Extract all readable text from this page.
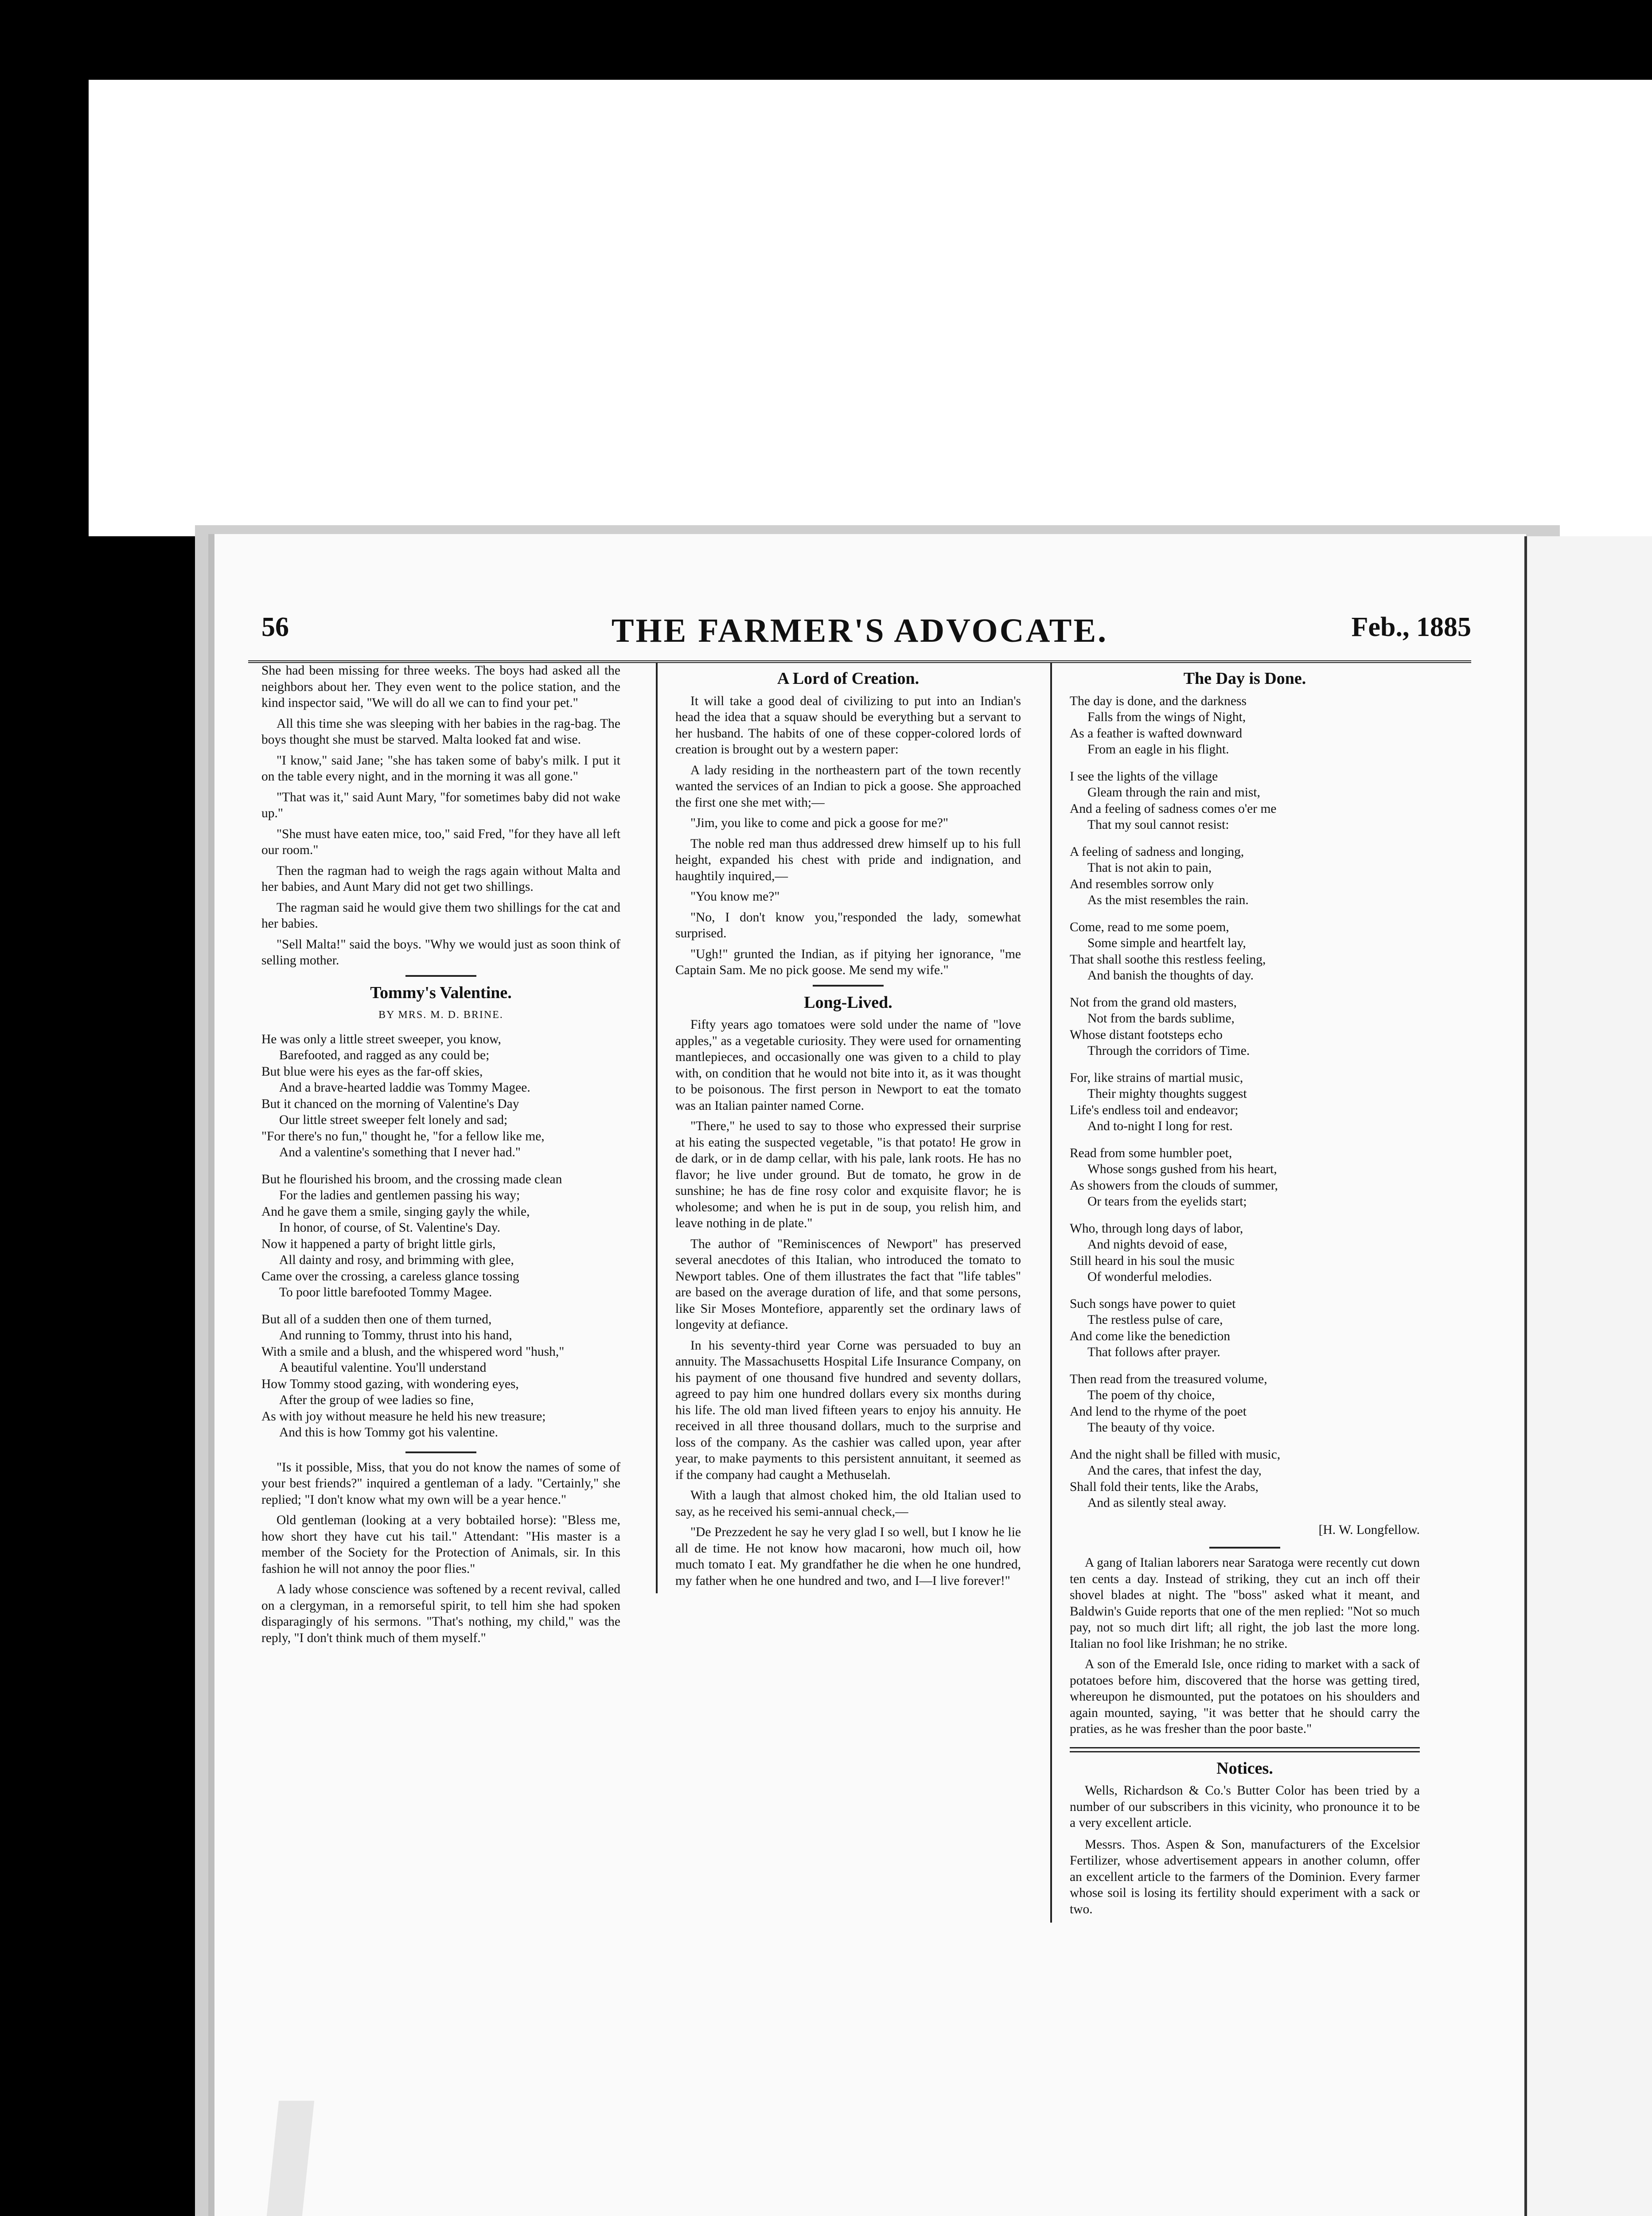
56	THE FARMER'S ADVOCATE.	Feb., 1885

She had been missing for three weeks. The boys had asked all the neighbors about her. They even went to the police station, and the kind inspector said, "We will do all we can to find your pet."

All this time she was sleeping with her babies in the rag-bag. The boys thought she must be starved. Malta looked fat and wise.

"I know," said Jane; "she has taken some of baby's milk. I put it on the table every night, and in the morning it was all gone."

"That was it," said Aunt Mary, "for sometimes baby did not wake up."

"She must have eaten mice, too," said Fred, "for they have all left our room."

Then the ragman had to weigh the rags again without Malta and her babies, and Aunt Mary did not get two shillings.

The ragman said he would give them two shillings for the cat and her babies.

"Sell Malta!" said the boys. "Why we would just as soon think of selling mother.

Tommy's Valentine.
BY MRS. M. D. BRINE.
He was only a little street sweeper, you know,
Barefooted, and ragged as any could be;
But blue were his eyes as the far-off skies,
And a brave-hearted laddie was Tommy Magee.
But it chanced on the morning of Valentine's Day
Our little street sweeper felt lonely and sad;
"For there's no fun," thought he, "for a fellow like me,
And a valentine's something that I never had."
But he flourished his broom, and the crossing made clean
For the ladies and gentlemen passing his way;
And he gave them a smile, singing gayly the while,
In honor, of course, of St. Valentine's Day.
Now it happened a party of bright little girls,
All dainty and rosy, and brimming with glee,
Came over the crossing, a careless glance tossing
To poor little barefooted Tommy Magee.
But all of a sudden then one of them turned,
And running to Tommy, thrust into his hand,
With a smile and a blush, and the whispered word "hush,"
A beautiful valentine. You'll understand
How Tommy stood gazing, with wondering eyes,
After the group of wee ladies so fine,
As with joy without measure he held his new treasure;
And this is how Tommy got his valentine.

"Is it possible, Miss, that you do not know the names of some of your best friends?" inquired a gentleman of a lady. "Certainly," she replied; "I don't know what my own will be a year hence."

Old gentleman (looking at a very bobtailed horse): "Bless me, how short they have cut his tail." Attendant: "His master is a member of the Society for the Protection of Animals, sir. In this fashion he will not annoy the poor flies."

A lady whose conscience was softened by a recent revival, called on a clergyman, in a remorseful spirit, to tell him she had spoken disparagingly of his sermons. "That's nothing, my child," was the reply, "I don't think much of them myself."

A Lord of Creation.

It will take a good deal of civilizing to put into an Indian's head the idea that a squaw should be everything but a servant to her husband. The habits of one of these copper-colored lords of creation is brought out by a western paper:

A lady residing in the northeastern part of the town recently wanted the services of an Indian to pick a goose. She approached the first one she met with;—

"Jim, you like to come and pick a goose for me?"

The noble red man thus addressed drew himself up to his full height, expanded his chest with pride and indignation, and haughtily inquired,—

"You know me?"

"No, I don't know you,"responded the lady, somewhat surprised.

"Ugh!" grunted the Indian, as if pitying her ignorance, "me Captain Sam. Me no pick goose. Me send my wife."

Long-Lived.

Fifty years ago tomatoes were sold under the name of "love apples," as a vegetable curiosity. They were used for ornamenting mantlepieces, and occasionally one was given to a child to play with, on condition that he would not bite into it, as it was thought to be poisonous. The first person in Newport to eat the tomato was an Italian painter named Corne.

"There," he used to say to those who expressed their surprise at his eating the suspected vegetable, "is that potato! He grow in de dark, or in de damp cellar, with his pale, lank roots. He has no flavor; he live under ground. But de tomato, he grow in de sunshine; he has de fine rosy color and exquisite flavor; he is wholesome; and when he is put in de soup, you relish him, and leave nothing in de plate."

The author of "Reminiscences of Newport" has preserved several anecdotes of this Italian, who introduced the tomato to Newport tables. One of them illustrates the fact that "life tables" are based on the average duration of life, and that some persons, like Sir Moses Montefiore, apparently set the ordinary laws of longevity at defiance.

In his seventy-third year Corne was persuaded to buy an annuity. The Massachusetts Hospital Life Insurance Company, on his payment of one thousand five hundred and seventy dollars, agreed to pay him one hundred dollars every six months during his life. The old man lived fifteen years to enjoy his annuity. He received in all three thousand dollars, much to the surprise and loss of the company. As the cashier was called upon, year after year, to make payments to this persistent annuitant, it seemed as if the company had caught a Methuselah.

With a laugh that almost choked him, the old Italian used to say, as he received his semi-annual check,—

"De Prezzedent he say he very glad I so well, but I know he lie all de time. He not know how macaroni, how much oil, how much tomato I eat. My grandfather he die when he one hundred, my father when he one hundred and two, and I—I live forever!"

The Day is Done.
The day is done, and the darkness
Falls from the wings of Night,
As a feather is wafted downward
From an eagle in his flight.
I see the lights of the village
Gleam through the rain and mist,
And a feeling of sadness comes o'er me
That my soul cannot resist:
A feeling of sadness and longing,
That is not akin to pain,
And resembles sorrow only
As the mist resembles the rain.
Come, read to me some poem,
Some simple and heartfelt lay,
That shall soothe this restless feeling,
And banish the thoughts of day.
Not from the grand old masters,
Not from the bards sublime,
Whose distant footsteps echo
Through the corridors of Time.
For, like strains of martial music,
Their mighty thoughts suggest
Life's endless toil and endeavor;
And to-night I long for rest.
Read from some humbler poet,
Whose songs gushed from his heart,
As showers from the clouds of summer,
Or tears from the eyelids start;
Who, through long days of labor,
And nights devoid of ease,
Still heard in his soul the music
Of wonderful melodies.
Such songs have power to quiet
The restless pulse of care,
And come like the benediction
That follows after prayer.
Then read from the treasured volume,
The poem of thy choice,
And lend to the rhyme of the poet
The beauty of thy voice.
And the night shall be filled with music,
And the cares, that infest the day,
Shall fold their tents, like the Arabs,
And as silently steal away.
[H. W. Longfellow.

A gang of Italian laborers near Saratoga were recently cut down ten cents a day. Instead of striking, they cut an inch off their shovel blades at night. The "boss" asked what it meant, and Baldwin's Guide reports that one of the men replied: "Not so much pay, not so much dirt lift; all right, the job last the more long. Italian no fool like Irishman; he no strike.

A son of the Emerald Isle, once riding to market with a sack of potatoes before him, discovered that the horse was getting tired, whereupon he dismounted, put the potatoes on his shoulders and again mounted, saying, "it was better that he should carry the praties, as he was fresher than the poor baste."

Notices.
Wells, Richardson & Co.'s Butter Color has been tried by a number of our subscribers in this vicinity, who pronounce it to be a very excellent article.
Messrs. Thos. Aspen & Son, manufacturers of the Excelsior Fertilizer, whose advertisement appears in another column, offer an excellent article to the farmers of the Dominion. Every farmer whose soil is losing its fertility should experiment with a sack or two.
